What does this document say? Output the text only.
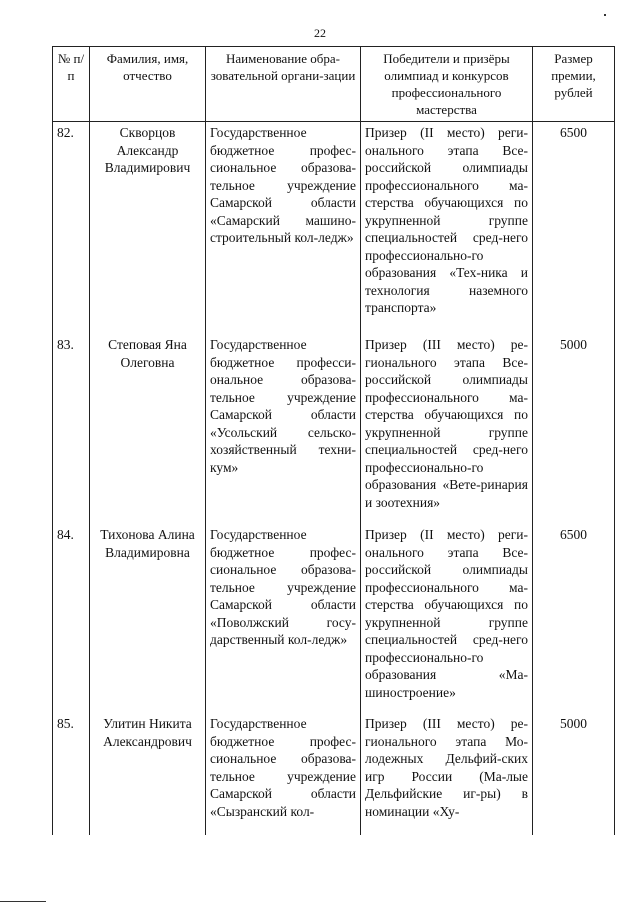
22
№ п/п	Фамилия, имя, отчество	Наименование обра-зовательной органи-зации	Победители и призёры олимпиад и конкурсов профессионального мастерства	Размер премии, рублей
82.	Скворцов Александр Владимирович	Государственное бюджетное профес-сиональное образова-тельное учреждение Самарской области «Самарский машино-строительный кол-ледж»	Призер (II место) реги-онального этапа Все-российской олимпиады профессионального ма-стерства обучающихся по укрупненной группе специальностей сред-него профессионально-го образования «Тех-ника и технология наземного транспорта»	6500
83.	Степовая Яна Олеговна	Государственное бюджетное професси-ональное образова-тельное учреждение Самарской области «Усольский сельско-хозяйственный техни-кум»	Призер (III место) ре-гионального этапа Все-российской олимпиады профессионального ма-стерства обучающихся по укрупненной группе специальностей сред-него профессионально-го образования «Вете-ринария и зоотехния»	5000
84.	Тихонова Алина Владимировна	Государственное бюджетное профес-сиональное образова-тельное учреждение Самарской области «Поволжский госу-дарственный кол-ледж»	Призер (II место) реги-онального этапа Все-российской олимпиады профессионального ма-стерства обучающихся по укрупненной группе специальностей сред-него профессионально-го образования «Ма-шиностроение»	6500
85.	Улитин Никита Александрович	Государственное бюджетное профес-сиональное образова-тельное учреждение Самарской области «Сызранский кол-	Призер (III место) ре-гионального этапа Мо-лодежных Дельфий-ских игр России (Ма-лые Дельфийские иг-ры) в номинации «Ху-	5000
